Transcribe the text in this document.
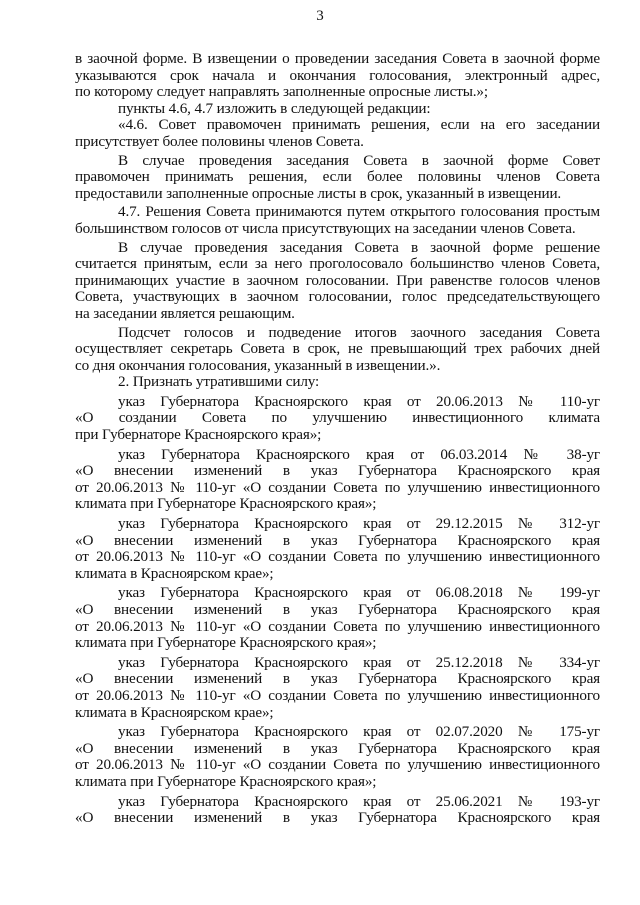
3
в заочной форме. В извещении о проведении заседания Совета в заочной форме
указываются срок начала и окончания голосования, электронный адрес,
по которому следует направлять заполненные опросные листы.»;
пункты 4.6, 4.7 изложить в следующей редакции:
«4.6. Совет правомочен принимать решения, если на его заседании
присутствует более половины членов Совета.
В случае проведения заседания Совета в заочной форме Совет
правомочен принимать решения, если более половины членов Совета
предоставили заполненные опросные листы в срок, указанный в извещении.
4.7. Решения Совета принимаются путем открытого голосования простым
большинством голосов от числа присутствующих на заседании членов Совета.
В случае проведения заседания Совета в заочной форме решение
считается принятым, если за него проголосовало большинство членов Совета,
принимающих участие в заочном голосовании. При равенстве голосов членов
Совета, участвующих в заочном голосовании, голос председательствующего
на заседании является решающим.
Подсчет голосов и подведение итогов заочного заседания Совета
осуществляет секретарь Совета в срок, не превышающий трех рабочих дней
со дня окончания голосования, указанный в извещении.».
2. Признать утратившими силу:
указ Губернатора Красноярского края от 20.06.2013 № 110-уг
«О создании Совета по улучшению инвестиционного климата
при Губернаторе Красноярского края»;
указ Губернатора Красноярского края от 06.03.2014 № 38-уг
«О внесении изменений в указ Губернатора Красноярского края
от 20.06.2013 № 110-уг «О создании Совета по улучшению инвестиционного
климата при Губернаторе Красноярского края»;
указ Губернатора Красноярского края от 29.12.2015 № 312-уг
«О внесении изменений в указ Губернатора Красноярского края
от 20.06.2013 № 110-уг «О создании Совета по улучшению инвестиционного
климата в Красноярском крае»;
указ Губернатора Красноярского края от 06.08.2018 № 199-уг
«О внесении изменений в указ Губернатора Красноярского края
от 20.06.2013 № 110-уг «О создании Совета по улучшению инвестиционного
климата при Губернаторе Красноярского края»;
указ Губернатора Красноярского края от 25.12.2018 № 334-уг
«О внесении изменений в указ Губернатора Красноярского края
от 20.06.2013 № 110-уг «О создании Совета по улучшению инвестиционного
климата в Красноярском крае»;
указ Губернатора Красноярского края от 02.07.2020 № 175-уг
«О внесении изменений в указ Губернатора Красноярского края
от 20.06.2013 № 110-уг «О создании Совета по улучшению инвестиционного
климата при Губернаторе Красноярского края»;
указ Губернатора Красноярского края от 25.06.2021 № 193-уг
«О внесении изменений в указ Губернатора Красноярского края
